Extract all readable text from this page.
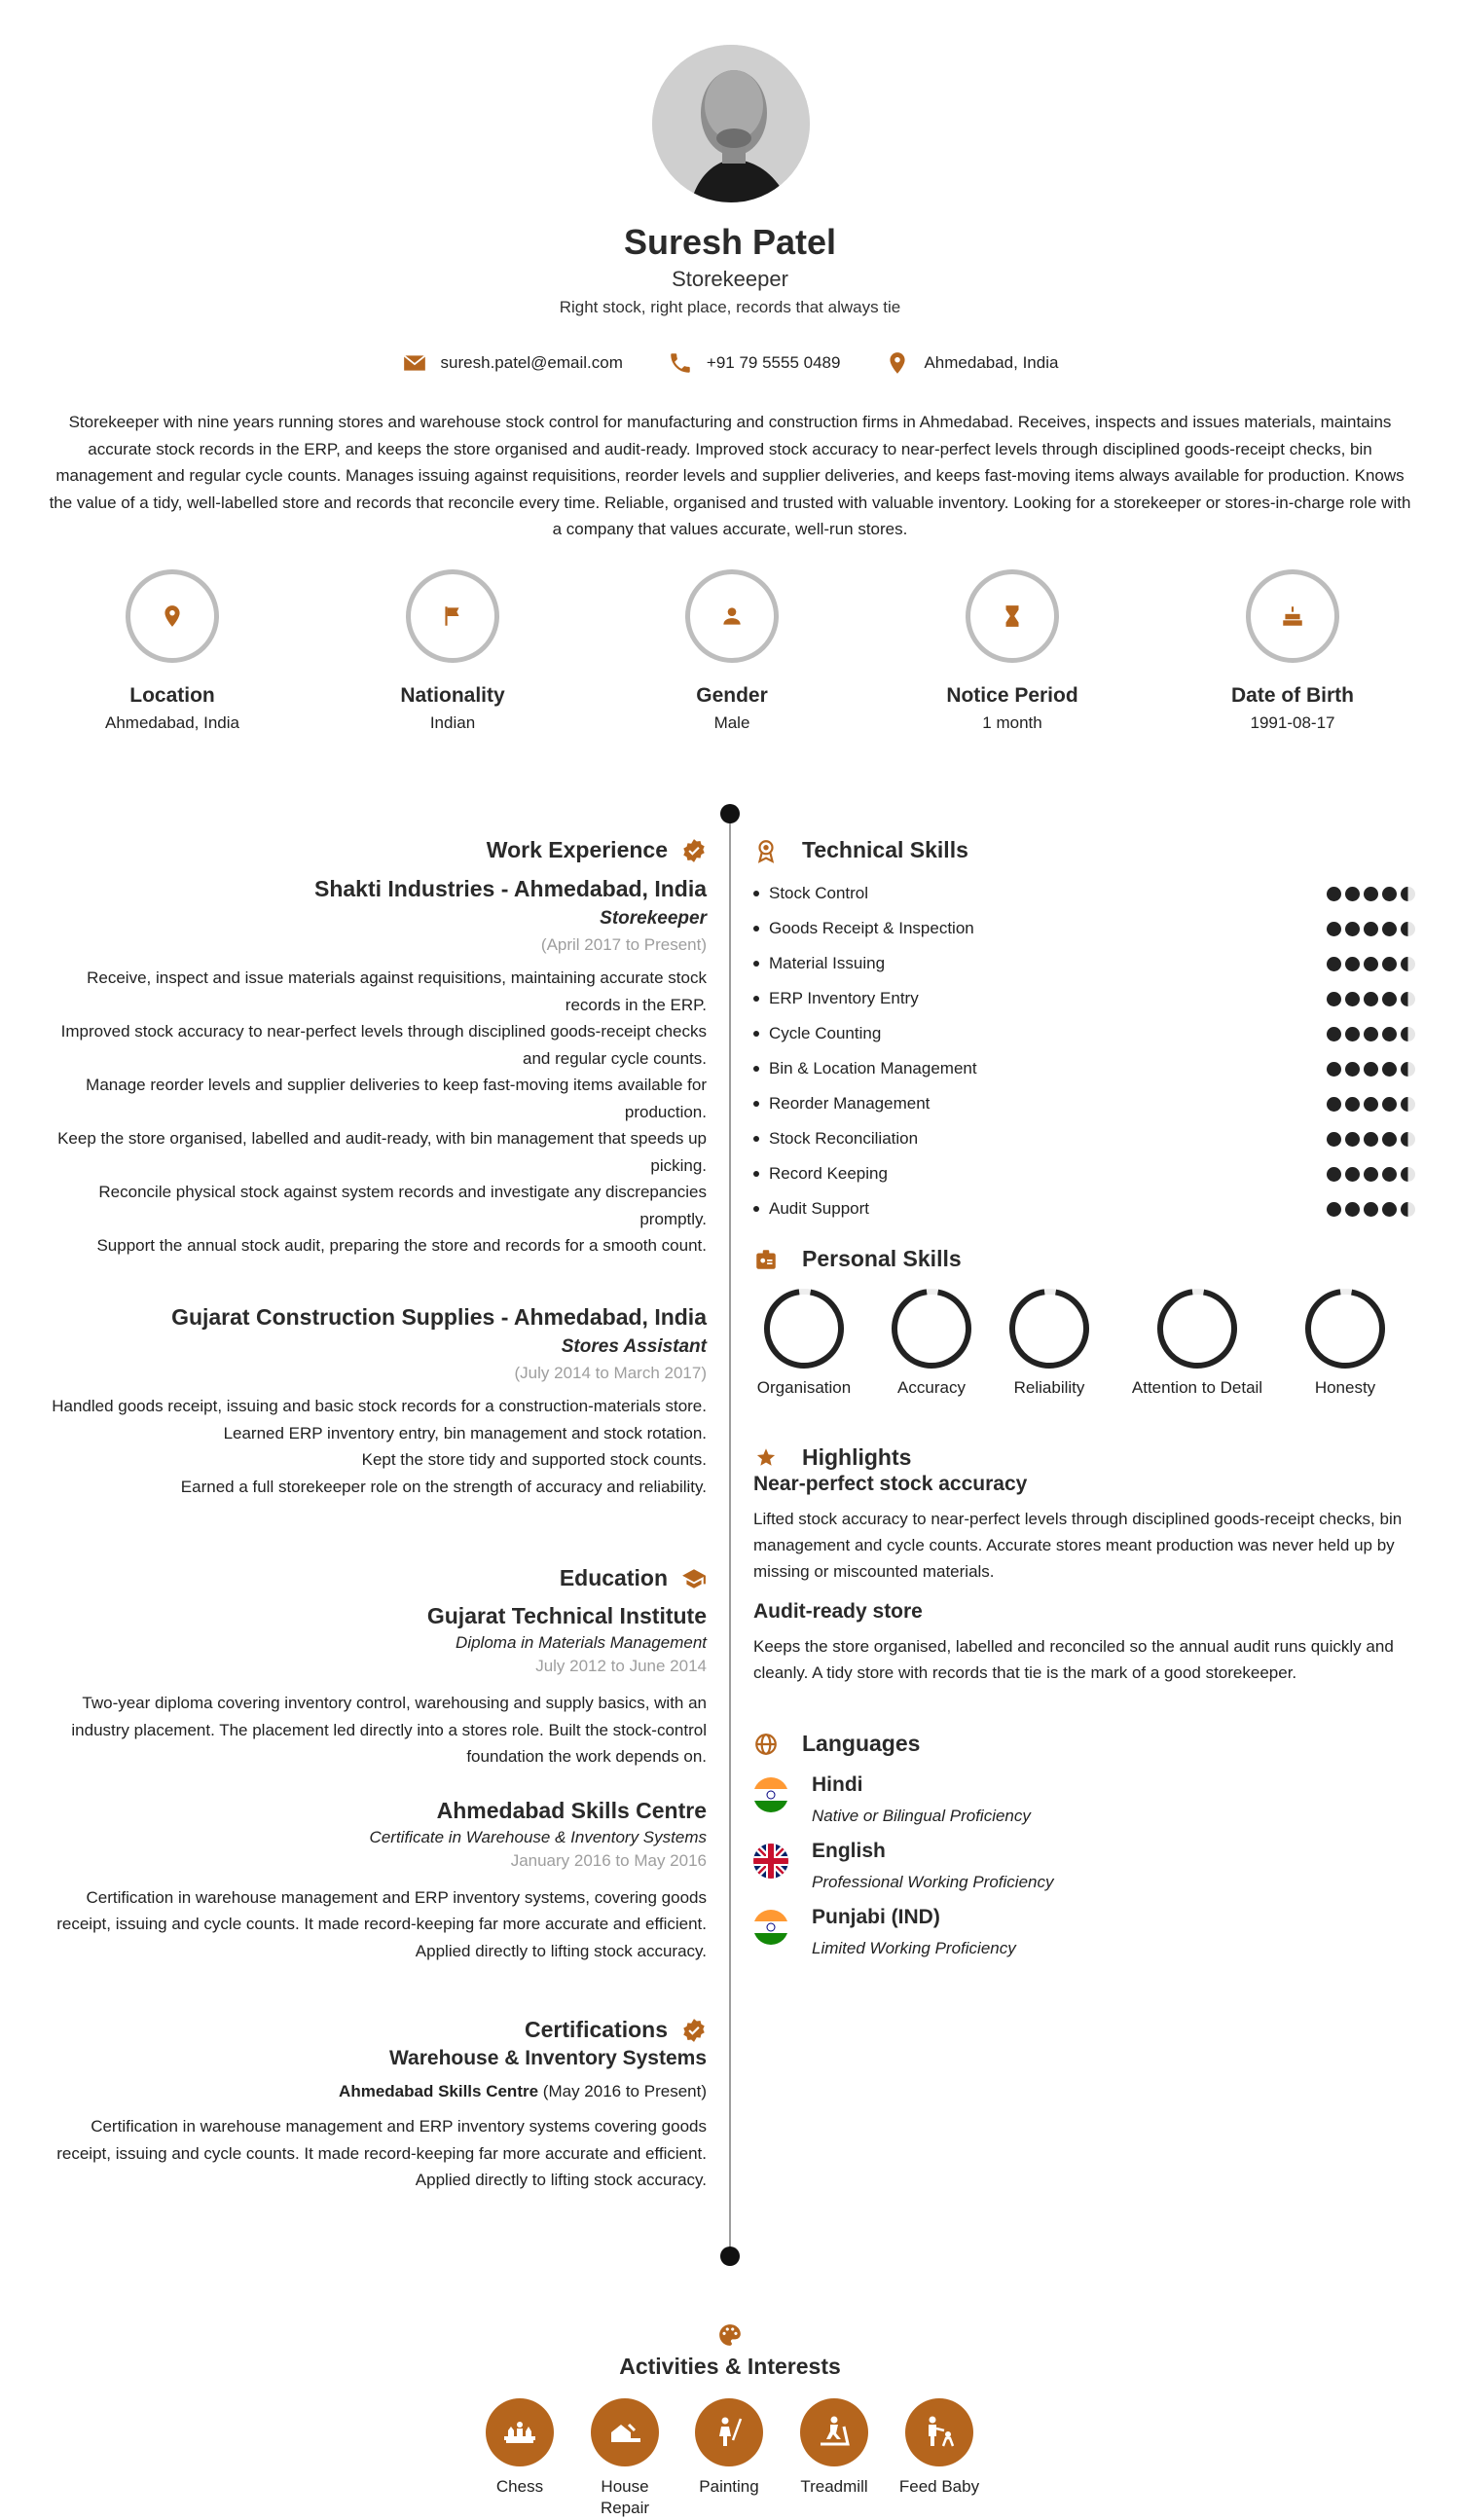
Suresh Patel
Storekeeper
Right stock, right place, records that always tie
suresh.patel@email.com	+91 79 5555 0489	Ahmedabad, India
Storekeeper with nine years running stores and warehouse stock control for manufacturing and construction firms in Ahmedabad. Receives, inspects and issues materials, maintains accurate stock records in the ERP, and keeps the store organised and audit-ready. Improved stock accuracy to near-perfect levels through disciplined goods-receipt checks, bin management and regular cycle counts. Manages issuing against requisitions, reorder levels and supplier deliveries, and keeps fast-moving items always available for production. Knows the value of a tidy, well-labelled store and records that reconcile every time. Reliable, organised and trusted with valuable inventory. Looking for a storekeeper or stores-in-charge role with a company that values accurate, well-run stores.
Location
Ahmedabad, India
Nationality
Indian
Gender
Male
Notice Period
1 month
Date of Birth
1991-08-17
Work Experience
Shakti Industries - Ahmedabad, India
Storekeeper
(April 2017 to Present)
Receive, inspect and issue materials against requisitions, maintaining accurate stock records in the ERP.
Improved stock accuracy to near-perfect levels through disciplined goods-receipt checks and regular cycle counts.
Manage reorder levels and supplier deliveries to keep fast-moving items available for production.
Keep the store organised, labelled and audit-ready, with bin management that speeds up picking.
Reconcile physical stock against system records and investigate any discrepancies promptly.
Support the annual stock audit, preparing the store and records for a smooth count.
Gujarat Construction Supplies - Ahmedabad, India
Stores Assistant
(July 2014 to March 2017)
Handled goods receipt, issuing and basic stock records for a construction-materials store.
Learned ERP inventory entry, bin management and stock rotation.
Kept the store tidy and supported stock counts.
Earned a full storekeeper role on the strength of accuracy and reliability.
Education
Gujarat Technical Institute
Diploma in Materials Management
July 2012 to June 2014
Two-year diploma covering inventory control, warehousing and supply basics, with an industry placement. The placement led directly into a stores role. Built the stock-control foundation the work depends on.
Ahmedabad Skills Centre
Certificate in Warehouse & Inventory Systems
January 2016 to May 2016
Certification in warehouse management and ERP inventory systems, covering goods receipt, issuing and cycle counts. It made record-keeping far more accurate and efficient. Applied directly to lifting stock accuracy.
Certifications
Warehouse & Inventory Systems
Ahmedabad Skills Centre (May 2016 to Present)
Certification in warehouse management and ERP inventory systems covering goods receipt, issuing and cycle counts. It made record-keeping far more accurate and efficient. Applied directly to lifting stock accuracy.
Technical Skills
Stock Control
Goods Receipt & Inspection
Material Issuing
ERP Inventory Entry
Cycle Counting
Bin & Location Management
Reorder Management
Stock Reconciliation
Record Keeping
Audit Support
Personal Skills
Organisation	Accuracy	Reliability	Attention to Detail	Honesty
Highlights
Near-perfect stock accuracy
Lifted stock accuracy to near-perfect levels through disciplined goods-receipt checks, bin management and cycle counts. Accurate stores meant production was never held up by missing or miscounted materials.
Audit-ready store
Keeps the store organised, labelled and reconciled so the annual audit runs quickly and cleanly. A tidy store with records that tie is the mark of a good storekeeper.
Languages
Hindi
Native or Bilingual Proficiency
English
Professional Working Proficiency
Punjabi (IND)
Limited Working Proficiency
Activities & Interests
Chess	House Repair
Painting	Treadmill	Feed Baby
